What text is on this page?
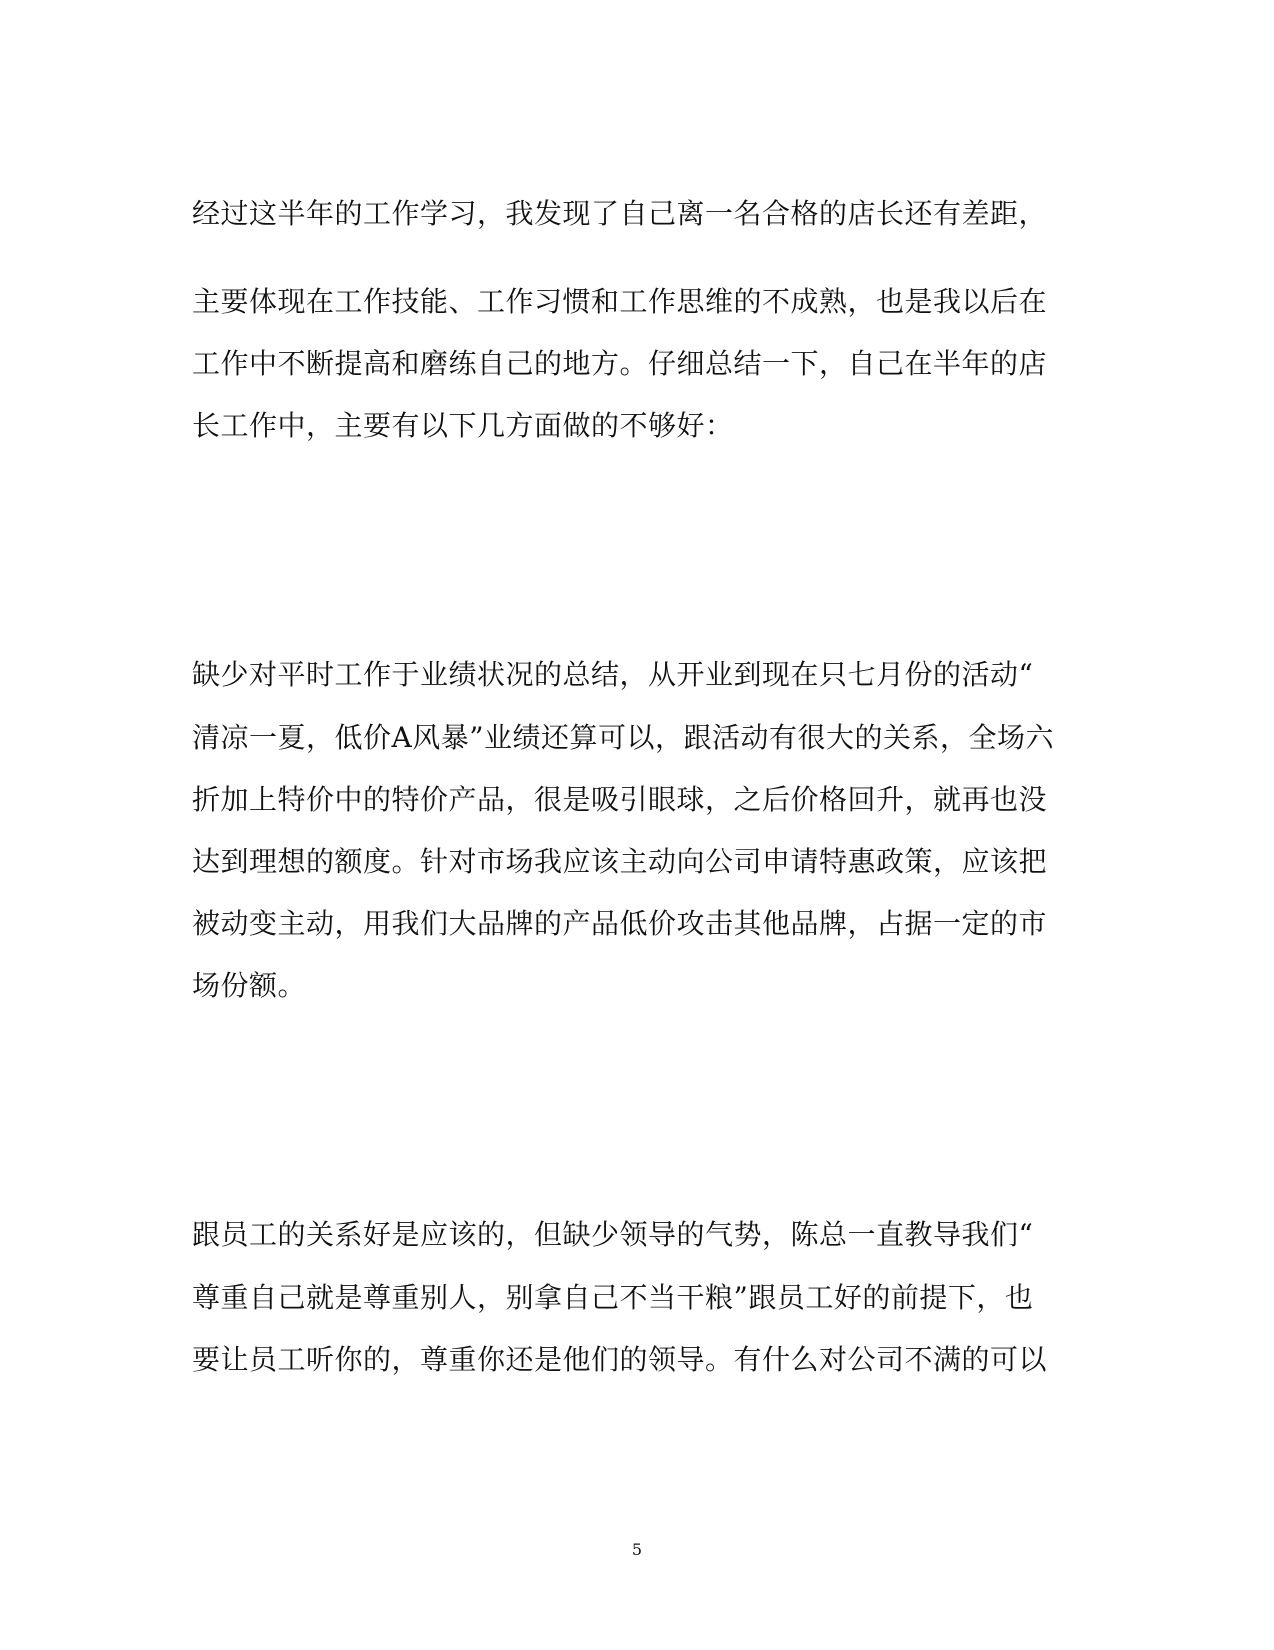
经过这半年的工作学习，我发现了自己离一名合格的店长还有差距，
主要体现在工作技能、工作习惯和工作思维的不成熟，也是我以后在
工作中不断提高和磨练自己的地方。仔细总结一下，自己在半年的店
长工作中，主要有以下几方面做的不够好：
缺少对平时工作于业绩状况的总结，从开业到现在只七月份的活动“
清凉一夏，低价A风暴”业绩还算可以，跟活动有很大的关系，全场六
折加上特价中的特价产品，很是吸引眼球，之后价格回升，就再也没
达到理想的额度。针对市场我应该主动向公司申请特惠政策，应该把
被动变主动，用我们大品牌的产品低价攻击其他品牌，占据一定的市
场份额。
跟员工的关系好是应该的，但缺少领导的气势，陈总一直教导我们“
尊重自己就是尊重别人，别拿自己不当干粮”跟员工好的前提下，也
要让员工听你的，尊重你还是他们的领导。有什么对公司不满的可以
5
